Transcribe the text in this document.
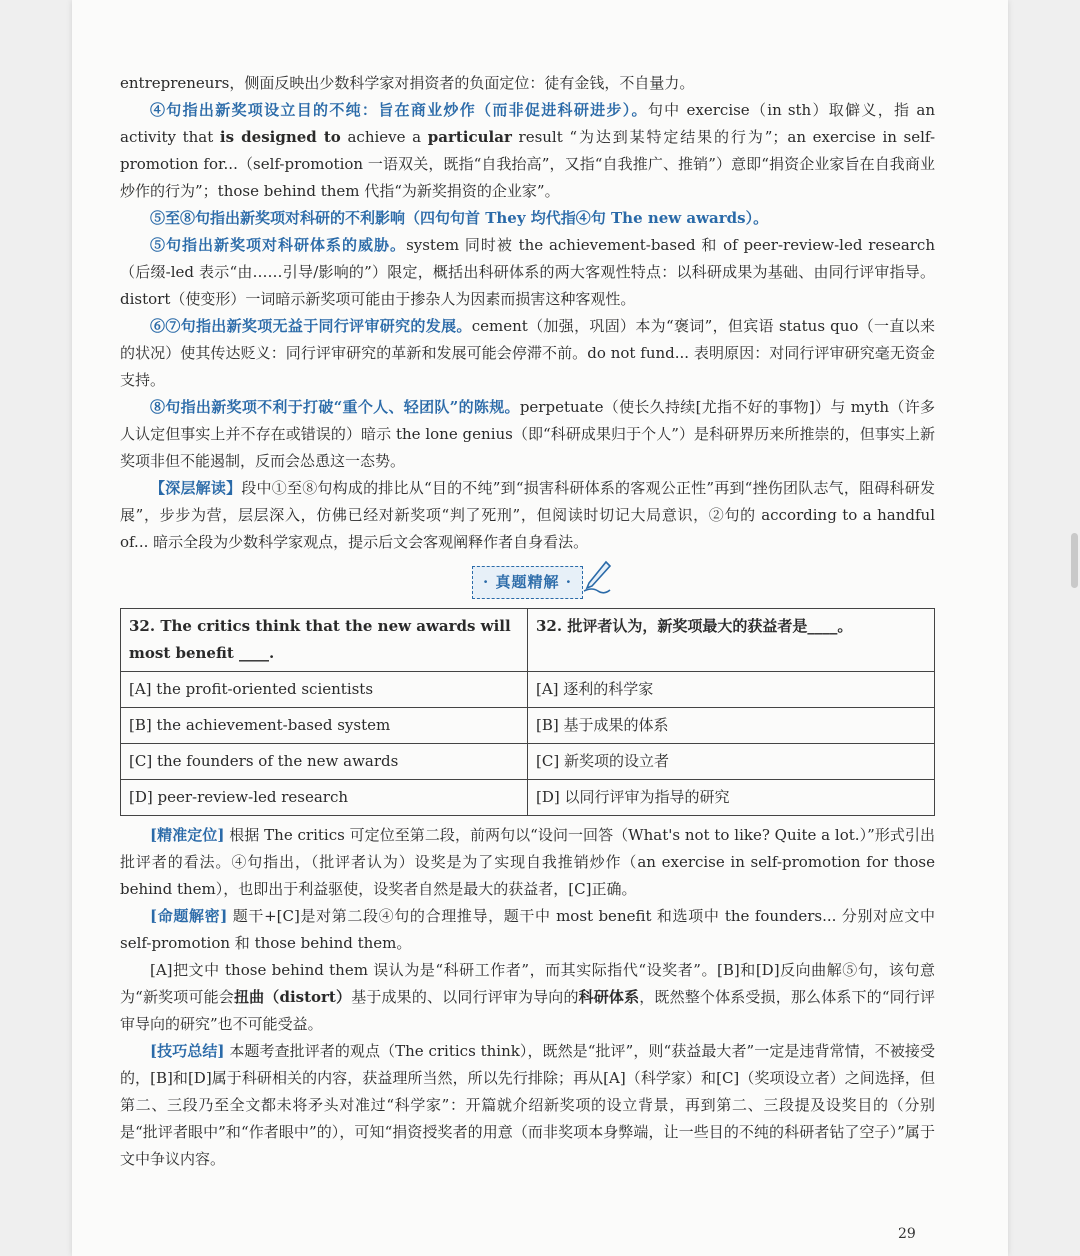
entrepreneurs，侧面反映出少数科学家对捐资者的负面定位：徒有金钱，不自量力。

④句指出新奖项设立目的不纯：旨在商业炒作（而非促进科研进步）。句中 exercise（in sth）取僻义，指 an activity that is designed to achieve a particular result “为达到某特定结果的行为”；an exercise in self-promotion for...（self-promotion 一语双关，既指“自我抬高”，又指“自我推广、推销”）意即“捐资企业家旨在自我商业炒作的行为”；those behind them 代指“为新奖捐资的企业家”。

⑤至⑧句指出新奖项对科研的不利影响（四句句首 They 均代指④句 The new awards）。

⑤句指出新奖项对科研体系的威胁。system 同时被 the achievement-based 和 of peer-review-led research（后缀-led 表示“由……引导/影响的”）限定，概括出科研体系的两大客观性特点：以科研成果为基础、由同行评审指导。distort（使变形）一词暗示新奖项可能由于掺杂人为因素而损害这种客观性。

⑥⑦句指出新奖项无益于同行评审研究的发展。cement（加强，巩固）本为“褒词”，但宾语 status quo（一直以来的状况）使其传达贬义：同行评审研究的革新和发展可能会停滞不前。do not fund... 表明原因：对同行评审研究毫无资金支持。

⑧句指出新奖项不利于打破“重个人、轻团队”的陈规。perpetuate（使长久持续[尤指不好的事物]）与 myth（许多人认定但事实上并不存在或错误的）暗示 the lone genius（即“科研成果归于个人”）是科研界历来所推崇的，但事实上新奖项非但不能遏制，反而会怂恿这一态势。

【深层解读】段中①至⑧句构成的排比从“目的不纯”到“损害科研体系的客观公正性”再到“挫伤团队志气，阻碍科研发展”，步步为营，层层深入，仿佛已经对新奖项“判了死刑”，但阅读时切记大局意识，②句的 according to a handful of... 暗示全段为少数科学家观点，提示后文会客观阐释作者自身看法。

· 真题精解 ·
32. The critics think that the new awards will most benefit ____.	32. 批评者认为，新奖项最大的获益者是____。
[A] the profit-oriented scientists	[A] 逐利的科学家
[B] the achievement-based system	[B] 基于成果的体系
[C] the founders of the new awards	[C] 新奖项的设立者
[D] peer-review-led research	[D] 以同行评审为指导的研究

[精准定位] 根据 The critics 可定位至第二段，前两句以“设问一回答（What's not to like? Quite a lot.）”形式引出批评者的看法。④句指出，（批评者认为）设奖是为了实现自我推销炒作（an exercise in self-promotion for those behind them），也即出于利益驱使，设奖者自然是最大的获益者，[C]正确。

[命题解密] 题干+[C]是对第二段④句的合理推导，题干中 most benefit 和选项中 the founders... 分别对应文中 self-promotion 和 those behind them。

[A]把文中 those behind them 误认为是“科研工作者”，而其实际指代“设奖者”。[B]和[D]反向曲解⑤句，该句意为“新奖项可能会扭曲（distort）基于成果的、以同行评审为导向的科研体系，既然整个体系受损，那么体系下的“同行评审导向的研究”也不可能受益。

[技巧总结] 本题考查批评者的观点（The critics think），既然是“批评”，则“获益最大者”一定是违背常情，不被接受的，[B]和[D]属于科研相关的内容，获益理所当然，所以先行排除；再从[A]（科学家）和[C]（奖项设立者）之间选择，但第二、三段乃至全文都未将矛头对准过“科学家”：开篇就介绍新奖项的设立背景，再到第二、三段提及设奖目的（分别是“批评者眼中”和“作者眼中”的），可知“捐资授奖者的用意（而非奖项本身弊端，让一些目的不纯的科研者钻了空子）”属于文中争议内容。

29
